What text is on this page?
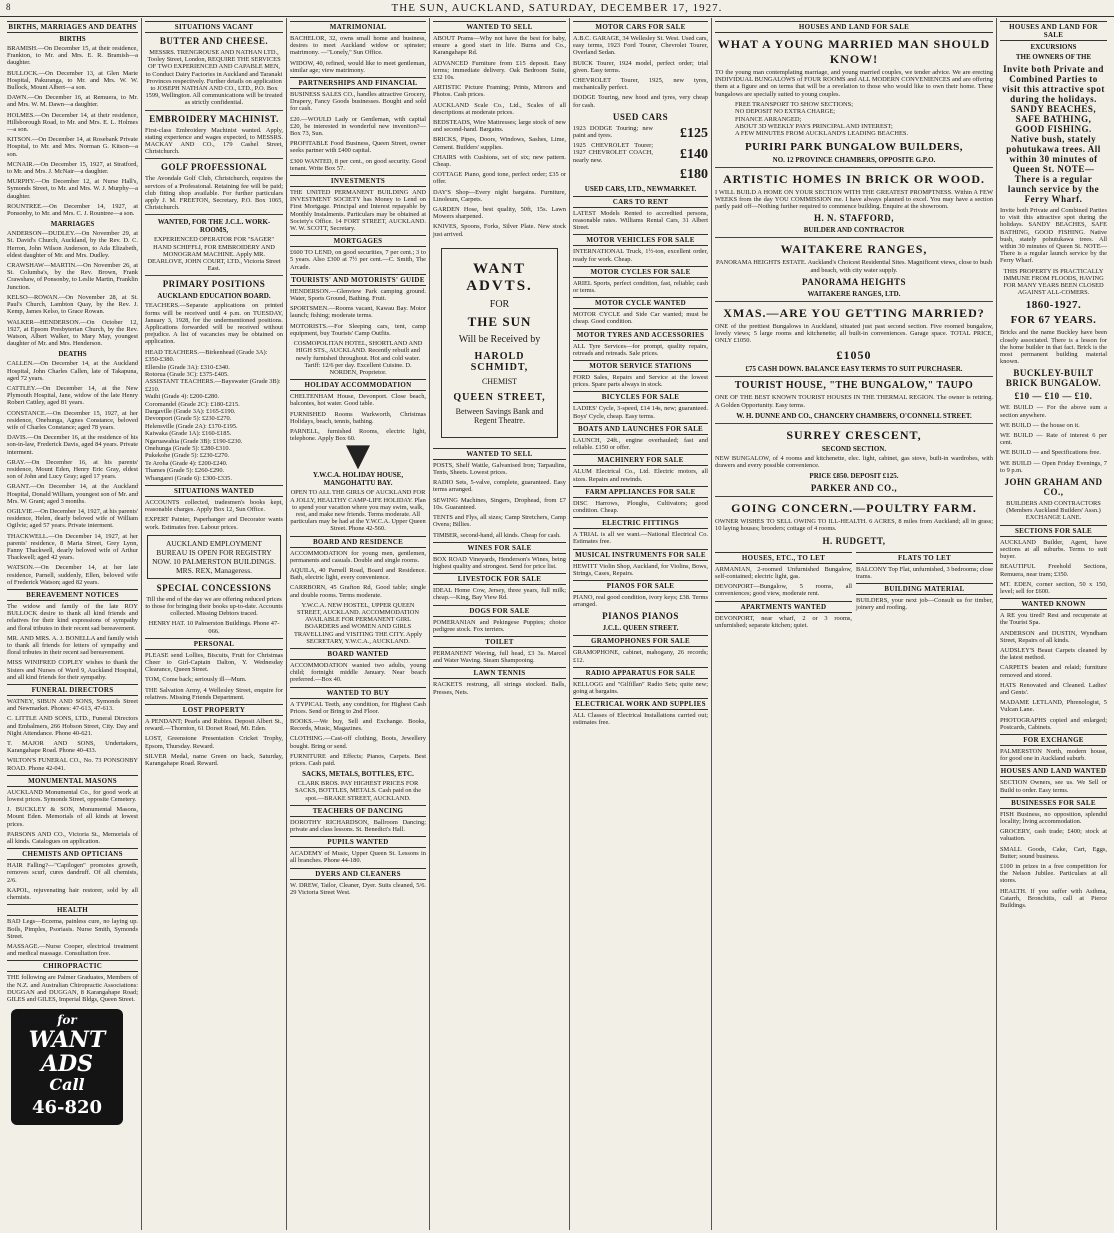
8	THE SUN, AUCKLAND, SATURDAY, DECEMBER 17, 1927.
BIRTHS, MARRIAGES AND DEATHS
BIRTHS
BRAMISH.—On December 15, at their residence, Frankton, to Mr. and Mrs. E. R. Bramish—a daughter.
BULLOCK.—On December 13, at Glen Marie Hospital, Pakuranga, to Mr. and Mrs. W. W. Bullock, Mount Albert—a son.
DAWN.—On December 16, at Remuera, to Mr. and Mrs. W. M. Dawn—a daughter.
HOLMES.—On December 14, at their residence, Hillsborough Road, to Mr. and Mrs. E. L. Holmes—a son.
KITSON.—On December 14, at Rosebank Private Hospital, to Mr. and Mrs. Norman G. Kitson—a son.
MCNAIR.—On December 15, 1927, at Stratford, to Mr. and Mrs. J. McNair—a daughter.
MURPHY.—On December 12, at Nurse Hall's, Symonds Street, to Mr. and Mrs. W. J. Murphy—a daughter.
ROUNTREE.—On December 14, 1927, at Ponsonby, to Mr. and Mrs. C. J. Rountree—a son.
MARRIAGES
ANDERSON—DUDLEY.—On November 29, at St. David's Church, Auckland, by the Rev. D. C. Herron, John Wilson Anderson, to Ada Elizabeth, eldest daughter of Mr. and Mrs. Dudley.
CRAWSHAW—MARTIN.—On November 26, at St. Columba's, by the Rev. Brown, Frank Crawshaw, of Ponsonby, to Leslie Martin, Franklin Junction.
KELSO—ROWAN.—On November 28, at St. Paul's Church, Lambton Quay, by the Rev. J. Kemp, James Kelso, to Grace Rowan.
WALKER—HENDERSON.—On October 12, 1927, at Epsom Presbyterian Church, by the Rev. Watson, Albert Walker, to Mary May, youngest daughter of Mr. and Mrs. Henderson.
DEATHS
CALLEN.—On December 14, at the Auckland Hospital, John Charles Callen, late of Takapuna, aged 72 years.
CATTLEY.—On December 14, at the New Plymouth Hospital, Jane, widow of the late Henry Robert Cattley, aged 81 years.
CONSTANCE.—On December 15, 1927, at her residence, Onehunga, Agnes Constance, beloved wife of Charles Constance; aged 78 years.
DAVIS.—On December 16, at the residence of his son-in-law, Frederick Davis, aged 84 years. Private interment.
GRAY.—On December 16, at his parents' residence, Mount Eden, Henry Eric Gray, eldest son of John and Lucy Gray; aged 17 years.
GRANT.—On December 14, at the Auckland Hospital, Donald William, youngest son of Mr. and Mrs. W. Grant; aged 3 months.
OGILVIE.—On December 14, 1927, at his parents' residence, Helen, dearly beloved wife of William Ogilvie; aged 57 years. Private interment.
THACKWELL.—On December 14, 1927, at her parents' residence, 8 Maria Street, Grey Lynn, Fanny Thackwell, dearly beloved wife of Arthur Thackwell; aged 42 years.
WATSON.—On December 14, at her late residence, Parnell, suddenly, Ellen, beloved wife of Frederick Watson; aged 82 years.
BEREAVEMENT NOTICES
The widow and family of the late ROY BULLOCK desire to thank all kind friends and relatives for their kind expressions of sympathy and floral tributes in their recent sad bereavement.
MR. AND MRS. A. J. BONELLA and family wish to thank all friends for letters of sympathy and floral tributes in their recent sad bereavement.
MISS WINIFRED COPLEY wishes to thank the Sisters and Nurses of Ward 9, Auckland Hospital, and all kind friends for their sympathy.
FUNERAL DIRECTORS
WATNEY, SIBUN AND SONS, Symonds Street and Newmarket. Phones: 47-613, 47-613.
C. LITTLE AND SONS, LTD., Funeral Directors and Embalmers, 266 Hobson Street, City. Day and Night Attendance. Phone 40-621.
T. MAJOR AND SONS, Undertakers, Karangahape Road. Phone 40-433.
WILTON'S FUNERAL CO., No. 73 PONSONBY ROAD. Phone 42-041.
MONUMENTAL MASONS
AUCKLAND Monumental Co., for good work at lowest prices. Symonds Street, opposite Cemetery.
J. BUCKLEY & SON, Monumental Masons, Mount Eden. Memorials of all kinds at lowest prices.
PARSONS AND CO., Victoria St., Memorials of all kinds. Catalogues on application.
CHEMISTS AND OPTICIANS
HAIR Falling?—"Capilogen" promotes growth, removes scurf, cures dandruff. Of all chemists, 2/6.
KAPOL, rejuvenating hair restorer, sold by all chemists.
HEALTH
BAD Legs—Eczema, painless cure, no laying up. Boils, Pimples, Psoriasis. Nurse Smith, Symonds Street.
MASSAGE.—Nurse Cooper, electrical treatment and medical massage. Consultation free.
CHIROPRACTIC
THE following are Palmer Graduates, Members of the N.Z. and Australian Chiropractic Associations: DUGGAN and DUGGAN, 8 Karangahape Road; GILES and GILES, Imperial Bldgs, Queen Street.
for
WANT
ADS
Call
46-820
SITUATIONS VACANT
BUTTER AND CHEESE.
MESSRS. TRENGROUSE AND NATHAN LTD., Tooley Street, London, REQUIRE THE SERVICES OF TWO EXPERIENCED AND CAPABLE MEN, to Conduct Dairy Factories in Auckland and Taranaki Provinces respectively. Further details on application to JOSEPH NATHAN AND CO., LTD., P.O. Box 1599, Wellington. All communications will be treated as strictly confidential.
EMBROIDERY MACHINIST.
First-class Embroidery Machinist wanted. Apply, stating experience and wages expected, to MESSRS. MACKAY AND CO., 179 Cashel Street, Christchurch.
GOLF PROFESSIONAL
The Avondale Golf Club, Christchurch, requires the services of a Professional. Retaining fee will be paid; club fitting shop available. For further particulars apply J. M. FREETON, Secretary, P.O. Box 1065, Christchurch.
WANTED, FOR THE J.C.L. WORK-ROOMS,
EXPERIENCED OPERATOR FOR "SAGER" HAND SCHIFFLI, FOR EMBROIDERY AND MONOGRAM MACHINE. Apply MR. DEARLOVE, JOHN COURT, LTD., Victoria Street East.
PRIMARY POSITIONS
AUCKLAND EDUCATION BOARD.
TEACHERS.—Separate applications on printed forms will be received until 4 p.m. on TUESDAY, January 3, 1928, for the undermentioned positions. Applications forwarded will be received without prejudice. A list of vacancies may be obtained on application.
HEAD TEACHERS.—Birkenhead (Grade 3A): £350-£380.
Ellerslie (Grade 3A): £310-£340.
Rotorua (Grade 3C): £375-£405.
ASSISTANT TEACHERS.—Bayswater (Grade 3B): £210.
Waihi (Grade 4): £200-£280.
Coromandel (Grade 2C): £180-£215.
Dargaville (Grade 3A): £165-£190.
Devonport (Grade 5): £230-£270.
Helensville (Grade 2A): £170-£195.
Kaiwaka (Grade 1A): £160-£185.
Ngaruawahia (Grade 3B): £190-£230.
Onehunga (Grade 5): £280-£310.
Pukekohe (Grade 5): £230-£270.
Te Aroha (Grade 4): £200-£240.
Thames (Grade 5): £260-£290.
Whangarei (Grade 6): £300-£335.
SITUATIONS WANTED
ACCOUNTS collected, tradesmen's books kept, reasonable charges. Apply Box 12, Sun Office.
EXPERT Painter, Paperhanger and Decorator wants work. Estimates free. Labour prices.
AUCKLAND EMPLOYMENT BUREAU IS OPEN FOR REGISTRY NOW. 10 PALMERSTON BUILDINGS. MRS. REX, Manageress.
SPECIAL CONCESSIONS
Till the end of the day we are offering reduced prices to those for bringing their books up-to-date. Accounts collected. Missing Debtors traced.
HENRY HAT. 10 Palmerston Buildings. Phone 47-066.
PERSONAL
PLEASE send Lollies, Biscuits, Fruit for Christmas Cheer to Girl-Captain Dalton, Y. Wednesday Clearance, Queen Street.
TOM, Come back; seriously ill—Mum.
THE Salvation Army, 4 Wellesley Street, enquire for relatives. Missing Friends Department.
LOST PROPERTY
A PENDANT; Pearls and Rubies. Deposit Albert St., reward.—Thornton, 61 Dorset Road, Mt. Eden.
LOST, Greenstone Presentation Cricket Trophy, Epsom, Thursday. Reward.
SILVER Medal, name Green on back, Saturday, Karangahape Road. Reward.
MATRIMONIAL
BACHELOR, 32, owns small home and business, desires to meet Auckland widow or spinster; matrimony. —"Lonely," Sun Office.
WIDOW, 40, refined, would like to meet gentleman, similar age; view matrimony.
PARTNERSHIPS AND FINANCIAL
BUSINESS SALES CO., handles attractive Grocery, Drapery, Fancy Goods businesses. Bought and sold for cash.
£20.—WOULD Lady or Gentleman, with capital £20, be interested in wonderful new invention?—Box 73, Sun.
PROFITABLE Food Business, Queen Street, owner seeks partner with £400 capital.
£300 WANTED, 8 per cent., on good security. Good tenant. Write Box 57.
INVESTMENTS
THE UNITED PERMANENT BUILDING AND INVESTMENT SOCIETY has Money to Lend on First Mortgage. Principal and Interest repayable by Monthly Instalments. Particulars may be obtained at Society's Office. 14 FORT STREET, AUCKLAND. W. W. SCOTT, Secretary.
MORTGAGES
£600 TO LEND, on good securities, 7 per cent.; 3 to 5 years. Also £300 at 7½ per cent.—C. Smith, The Arcade.
TOURISTS' AND MOTORISTS' GUIDE
HENDERSON.—Glenview Park camping ground. Water, Sports Ground, Bathing. Fruit.
SPORTSMEN.—Rooms vacant, Kawau Bay. Motor launch; fishing; moderate terms.
MOTORISTS.—For Sleeping cars, tent, camp equipment, buy Tourists' Camp Outfits.
COSMOPOLITAN HOTEL, SHORTLAND AND HIGH STS., AUCKLAND. Recently rebuilt and newly furnished throughout. Hot and cold water. Tariff: 12/6 per day. Excellent Cuisine. D. NORDEN, Proprietor.
HOLIDAY ACCOMMODATION
CHELTENHAM House, Devonport. Close beach, balconies, hot water. Good table.
FURNISHED Rooms Warkworth, Christmas Holidays, beach, tennis, bathing.
PARNELL, furnished Rooms, electric light, telephone. Apply Box 60.
Y.W.C.A. HOLIDAY HOUSE, MANGOHATTU BAY.
OPEN TO ALL THE GIRLS OF AUCKLAND FOR A JOLLY, HEALTHY CAMP-LIFE HOLIDAY. Plan to spend your vacation where you may swim, walk, rest, and make new friends. Terms moderate. All particulars may be had at the Y.W.C.A. Upper Queen Street. Phone 42-560.
BOARD AND RESIDENCE
ACCOMMODATION for young men, gentlemen, permanents and casuals. Double and single rooms.
AQUILA, 40 Parnell Road, Board and Residence. Bath, electric light, every convenience.
CARRBORN, 45 Grafton Rd, Good table; single and double rooms. Terms moderate.
Y.W.C.A. NEW HOSTEL, UPPER QUEEN STREET, AUCKLAND. ACCOMMODATION AVAILABLE FOR PERMANENT GIRL BOARDERS and WOMEN AND GIRLS TRAVELLING and VISITING THE CITY. Apply SECRETARY, Y.W.C.A., AUCKLAND.
BOARD WANTED
ACCOMMODATION wanted two adults, young child; fortnight middle January. Near beach preferred.—Box 40.
WANTED TO BUY
A TYPICAL Teeth, any condition, for Highest Cash Prices. Send or Bring to 2nd Floor.
BOOKS.—We buy, Sell and Exchange. Books, Records, Music, Magazines.
CLOTHING.—Cast-off clothing, Boots, Jewellery bought. Bring or send.
FURNITURE and Effects; Pianos, Carpets. Best prices. Cash paid.
SACKS, METALS, BOTTLES, ETC.
CLARK BROS. PAY HIGHEST PRICES FOR SACKS, BOTTLES, METALS. Cash paid on the spot.—BRAKE STREET, AUCKLAND.
TEACHERS OF DANCING
DOROTHY RICHARDSON, Ballroom Dancing; private and class lessons. St. Benedict's Hall.
PUPILS WANTED
ACADEMY of Music, Upper Queen St. Lessons in all branches. Phone 44-180.
DYERS AND CLEANERS
W. DREW, Tailor, Cleaner, Dyer. Suits cleaned, 5/6. 29 Victoria Street West.
WANTED TO SELL
ABOUT Prams—Why not have the best for baby, ensure a good start in life. Burns and Co., Karangahape Rd.
ADVANCED Furniture from £15 deposit. Easy terms; immediate delivery. Oak Bedroom Suite, £32 10s.
ARTISTIC Picture Framing; Prints, Mirrors and Photos. Cash prices.
AUCKLAND Scale Co., Ltd., Scales of all descriptions at moderate prices.
BEDSTEADS, Wire Mattresses; large stock of new and second-hand. Bargains.
BRICKS, Pipes, Doors, Windows, Sashes, Lime, Cement. Builders' supplies.
CHAIRS with Cushions, set of six; new pattern. Cheap.
COTTAGE Piano, good tone, perfect order; £35 or offer.
DAY'S Shop—Every night bargains. Furniture, Linoleum, Carpets.
GARDEN Hose, best quality, 50ft, 15s. Lawn Mowers sharpened.
KNIVES, Spoons, Forks, Silver Plate. New stock just arrived.
WANT ADVTS.
FOR
THE SUN
Will be Received by
HAROLD SCHMIDT,
CHEMIST
QUEEN STREET,
Between Savings Bank and Regent Theatre.
WANTED TO SELL
POSTS, Shelf Wattle, Galvanised Iron; Tarpaulins, Tents, Sheets. Lowest prices.
RADIO Sets, 5-valve, complete, guaranteed. Easy terms arranged.
SEWING Machines, Singers, Drophead, from £7 10s. Guaranteed.
TENTS and Flys, all sizes; Camp Stretchers, Camp Ovens; Billies.
TIMBER, second-hand, all kinds. Cheap for cash.
WINES FOR SALE
BOX ROAD Vineyards, Henderson's Wines, being highest quality and strongest. Send for price list.
LIVESTOCK FOR SALE
IDEAL Home Cow, Jersey, three years, full milk; cheap.—King, Bay View Rd.
DOGS FOR SALE
POMERANIAN and Pekingese Puppies; choice pedigree stock. Fox terriers.
TOILET
PERMANENT Waving, full head, £3 3s. Marcel and Water Waving. Steam Shampooing.
LAWN TENNIS
RACKETS restrung, all strings stocked. Balls, Presses, Nets.
MOTOR CARS FOR SALE
A.B.C. GARAGE, 34 Wellesley St. West. Used cars, easy terms, 1923 Ford Tourer, Chevrolet Tourer, Overland Sedan.
BUICK Tourer, 1924 model, perfect order; trial given. Easy terms.
CHEVROLET Tourer, 1925, new tyres, mechanically perfect.
DODGE Touring, new hood and tyres, very cheap for cash.
USED CARS
1923 DODGE Touring; new paint and tyres.	£125
1925 CHEVROLET Tourer; 1927 CHEVROLET COACH, nearly new.	£140
£180
USED CARS, LTD., NEWMARKET.
CARS TO RENT
LATEST Models Rented to accredited persons, reasonable rates. Williams Rental Cars, 31 Albert Street.
MOTOR VEHICLES FOR SALE
INTERNATIONAL Truck, 1½-ton, excellent order, ready for work. Cheap.
MOTOR CYCLES FOR SALE
ARIEL Sports, perfect condition, fast, reliable; cash or terms.
MOTOR CYCLE WANTED
MOTOR CYCLE and Side Car wanted; must be cheap. Good condition.
MOTOR TYRES AND ACCESSORIES
ALL Tyre Services—for prompt, quality repairs, retreads and retreads. Sale prices.
MOTOR SERVICE STATIONS
FORD Sales, Repairs and Service at the lowest prices. Spare parts always in stock.
BICYCLES FOR SALE
LADIES' Cycle, 3-speed, £14 14s, new; guaranteed. Boys' Cycle, cheap. Easy terms.
BOATS AND LAUNCHES FOR SALE
LAUNCH, 24ft., engine overhauled; fast and reliable. £150 or offer.
MACHINERY FOR SALE
ALUM Electrical Co., Ltd. Electric motors, all sizes. Repairs and rewinds.
FARM APPLIANCES FOR SALE
DISC Harrows, Ploughs, Cultivators; good condition. Cheap.
ELECTRIC FITTINGS
A TRIAL is all we want.—National Electrical Co. Estimates free.
MUSICAL INSTRUMENTS FOR SALE
HEWITT Violin Shop, Auckland, for Violins, Bows, Strings, Cases, Repairs.
PIANOS FOR SALE
PIANO, real good condition, ivory keys; £38. Terms arranged.
PIANOS PIANOS
J.C.L. QUEEN STREET.
GRAMOPHONES FOR SALE
GRAMOPHONE, cabinet, mahogany, 26 records; £12.
RADIO APPARATUS FOR SALE
KELLOGG and "Gilfillan" Radio Sets; quite new; going at bargains.
ELECTRICAL WORK AND SUPPLIES
ALL Classes of Electrical Installations carried out; estimates free.
HOUSES AND LAND FOR SALE
WHAT A YOUNG MARRIED MAN SHOULD KNOW!
TO the young man contemplating marriage, and young married couples, we tender advice. We are erecting INDIVIDUAL BUNGALOWS of FOUR ROOMS and ALL MODERN CONVENIENCES and are offering them at a figure and on terms that will be a revelation to those who would like to own their home. These bungalows are specially suited to young couples.
FREE TRANSPORT TO SHOW SECTIONS;
NO DEPOSIT NO EXTRA CHARGE;
FINANCE ARRANGED;
ABOUT 3D WEEKLY PAYS PRINCIPAL AND INTEREST;
A FEW MINUTES FROM AUCKLAND'S LEADING BEACHES.
PURIRI PARK BUNGALOW BUILDERS,
NO. 12 PROVINCE CHAMBERS, OPPOSITE G.P.O.
ARTISTIC HOMES IN BRICK OR WOOD.
I WILL BUILD A HOME ON YOUR SECTION WITH THE GREATEST PROMPTNESS. Within A FEW WEEKS from the day YOU COMMISSION me. I have always planned to excel. You may have a section partly paid off—Nothing further required to commence building. Enquire at the showroom.
H. N. STAFFORD,
BUILDER AND CONTRACTOR
WAITAKERE RANGES,
PANORAMA HEIGHTS ESTATE. Auckland's Choicest Residential Sites. Magnificent views, close to bush and beach, with city water supply.
PANORAMA HEIGHTS
WAITAKERE RANGES, LTD.
XMAS.—ARE YOU GETTING MARRIED?
ONE of the prettiest Bungalows in Auckland, situated just past second section. Five roomed bungalow, lovely views; 5 large rooms and kitchenette; all built-in conveniences. Garage space. TOTAL PRICE, ONLY £1050.
£1050
£75 CASH DOWN. BALANCE EASY TERMS TO SUIT PURCHASER.
TOURIST HOUSE, "THE BUNGALOW," TAUPO
ONE OF THE BEST KNOWN TOURIST HOUSES IN THE THERMAL REGION. The owner is retiring. A Golden Opportunity. Easy terms.
W. H. DUNNE AND CO., CHANCERY CHAMBERS, O'CONNELL STREET.
SURREY CRESCENT,
SECOND SECTION.
NEW BUNGALOW, of 4 rooms and kitchenette, elec. light, cabinet, gas stove, built-in wardrobes, with drawers and every possible convenience.
PRICE £850. DEPOSIT £125.
PARKER AND CO.,
GOING CONCERN.—POULTRY FARM.
OWNER WISHES TO SELL OWING TO ILL-HEALTH. 6 ACRES, 8 miles from Auckland; all in grass; 10 laying houses; brooders; cottage of 4 rooms.
H. RUDGETT,
HOUSES, ETC., TO LET
ARMANIAN, 2-roomed Unfurnished Bungalow, self-contained; electric light, gas.
DEVONPORT—Bungalow, 5 rooms, all conveniences; good view, moderate rent.
APARTMENTS WANTED
DEVONPORT, near wharf, 2 or 3 rooms, unfurnished; separate kitchen; quiet.
FLATS TO LET
BALCONY Top Flat, unfurnished, 3 bedrooms; close trams.
BUILDING MATERIAL
BUILDERS, your next job—Consult us for timber, joinery and roofing.
HOUSES AND LAND FOR SALE
EXCURSIONS
THE OWNERS OF THE
Invite both Private and Combined Parties to visit this attractive spot during the holidays. SANDY BEACHES, SAFE BATHING, GOOD FISHING. Native bush, stately pohutukawa trees. All within 30 minutes of Queen St. NOTE—There is a regular launch service by the Ferry Wharf.
Invite both Private and Combined Parties to visit this attractive spot during the holidays. SANDY BEACHES, SAFE BATHING, GOOD FISHING. Native bush, stately pohutukawa trees. All within 30 minutes of Queen St. NOTE—There is a regular launch service by the Ferry Wharf.
THIS PROPERTY IS PRACTICALLY IMMUNE FROM FLOODS, HAVING FOR MANY YEARS BEEN CLOSED AGAINST ALL-COMERS.
1860-1927.
FOR 67 YEARS.
Bricks and the name Buckley have been closely associated. There is a lesson for the home builder in that fact. Brick is the most permanent building material known.
BUCKLEY-BUILT BRICK BUNGALOW.
£10 — £10 — £10.
WE BUILD — For the above sum a section anywhere.
WE BUILD — the house on it.
WE BUILD — Rate of interest 6 per cent.
WE BUILD — and Specifications free.
WE BUILD — Open Friday Evenings, 7 to 9 p.m.
JOHN GRAHAM AND CO.,
BUILDERS AND CONTRACTORS (Members Auckland Builders' Assn.) EXCHANGE LANE.
SECTIONS FOR SALE
AUCKLAND Builder, Agent, have sections at all suburbs. Terms to suit buyer.
BEAUTIFUL Freehold Sections, Remuera, near tram; £350.
MT. EDEN, corner section, 50 x 150, level; sell for £600.
WANTED KNOWN
A RE you tired? Rest and recuperate at the Tourist Spa.
ANDERSON and DUSTIN, Wyndham Street, Repairs of all kinds.
AUDSLEY'S Beaut Carpets cleaned by the latest method.
CARPETS beaten and relaid; furniture removed and stored.
HATS Renovated and Cleaned. Ladies' and Gents'.
MADAME LETLAND, Phrenologist, 5 Vulcan Lane.
PHOTOGRAPHS copied and enlarged; Postcards, Cabinets.
FOR EXCHANGE
PALMERSTON North, modern house, for good one in Auckland suburb.
HOUSES AND LAND WANTED
SECTION Owners, see us. We Sell or Build to order. Easy terms.
BUSINESSES FOR SALE
FISH Business, no opposition, splendid locality; living accommodation.
GROCERY, cash trade; £400; stock at valuation.
SMALL Goods, Cake, Cart, Eggs, Butter; sound business.
£100 in prizes in a free competition for the Nelson Jubilee. Particulars at all stores.
HEALTH. If you suffer with Asthma, Catarrh, Bronchitis, call at Pierce Buildings.
